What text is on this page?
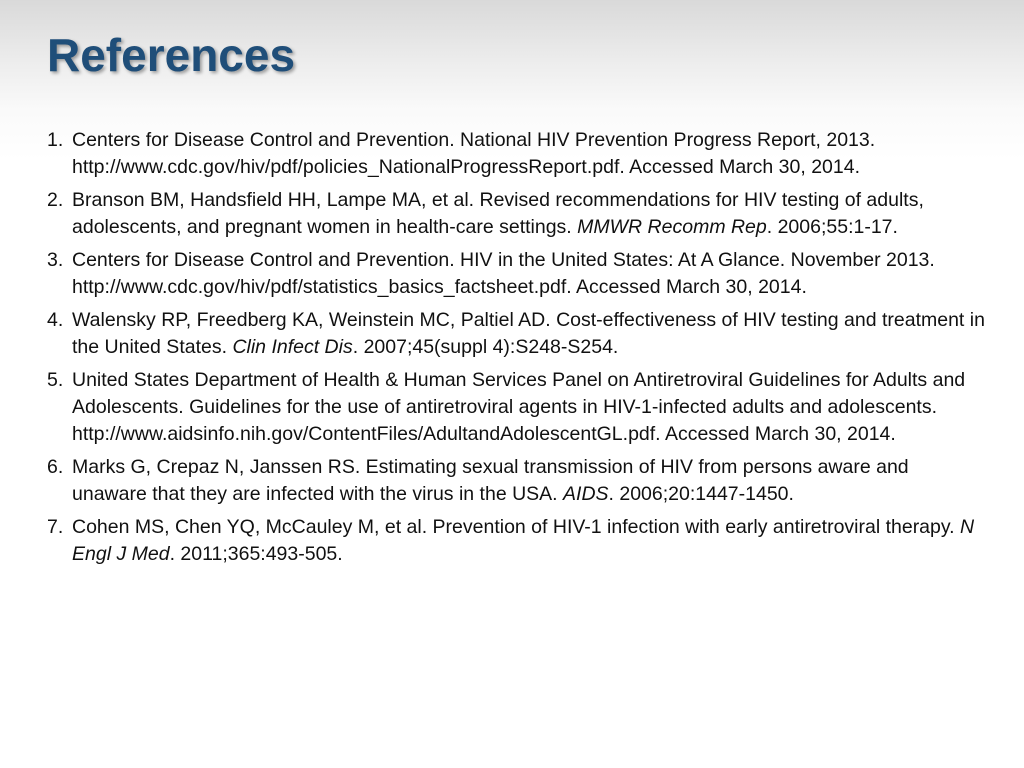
References
1. Centers for Disease Control and Prevention. National HIV Prevention Progress Report, 2013. http://www.cdc.gov/hiv/pdf/policies_NationalProgressReport.pdf. Accessed March 30, 2014.
2. Branson BM, Handsfield HH, Lampe MA, et al. Revised recommendations for HIV testing of adults, adolescents, and pregnant women in health-care settings. MMWR Recomm Rep. 2006;55:1-17.
3. Centers for Disease Control and Prevention. HIV in the United States: At A Glance. November 2013. http://www.cdc.gov/hiv/pdf/statistics_basics_factsheet.pdf. Accessed March 30, 2014.
4. Walensky RP, Freedberg KA, Weinstein MC, Paltiel AD. Cost-effectiveness of HIV testing and treatment in the United States. Clin Infect Dis. 2007;45(suppl 4):S248-S254.
5. United States Department of Health & Human Services Panel on Antiretroviral Guidelines for Adults and Adolescents. Guidelines for the use of antiretroviral agents in HIV-1-infected adults and adolescents. http://www.aidsinfo.nih.gov/ContentFiles/AdultandAdolescentGL.pdf. Accessed March 30, 2014.
6. Marks G, Crepaz N, Janssen RS. Estimating sexual transmission of HIV from persons aware and unaware that they are infected with the virus in the USA. AIDS. 2006;20:1447-1450.
7. Cohen MS, Chen YQ, McCauley M, et al. Prevention of HIV-1 infection with early antiretroviral therapy. N Engl J Med. 2011;365:493-505.
